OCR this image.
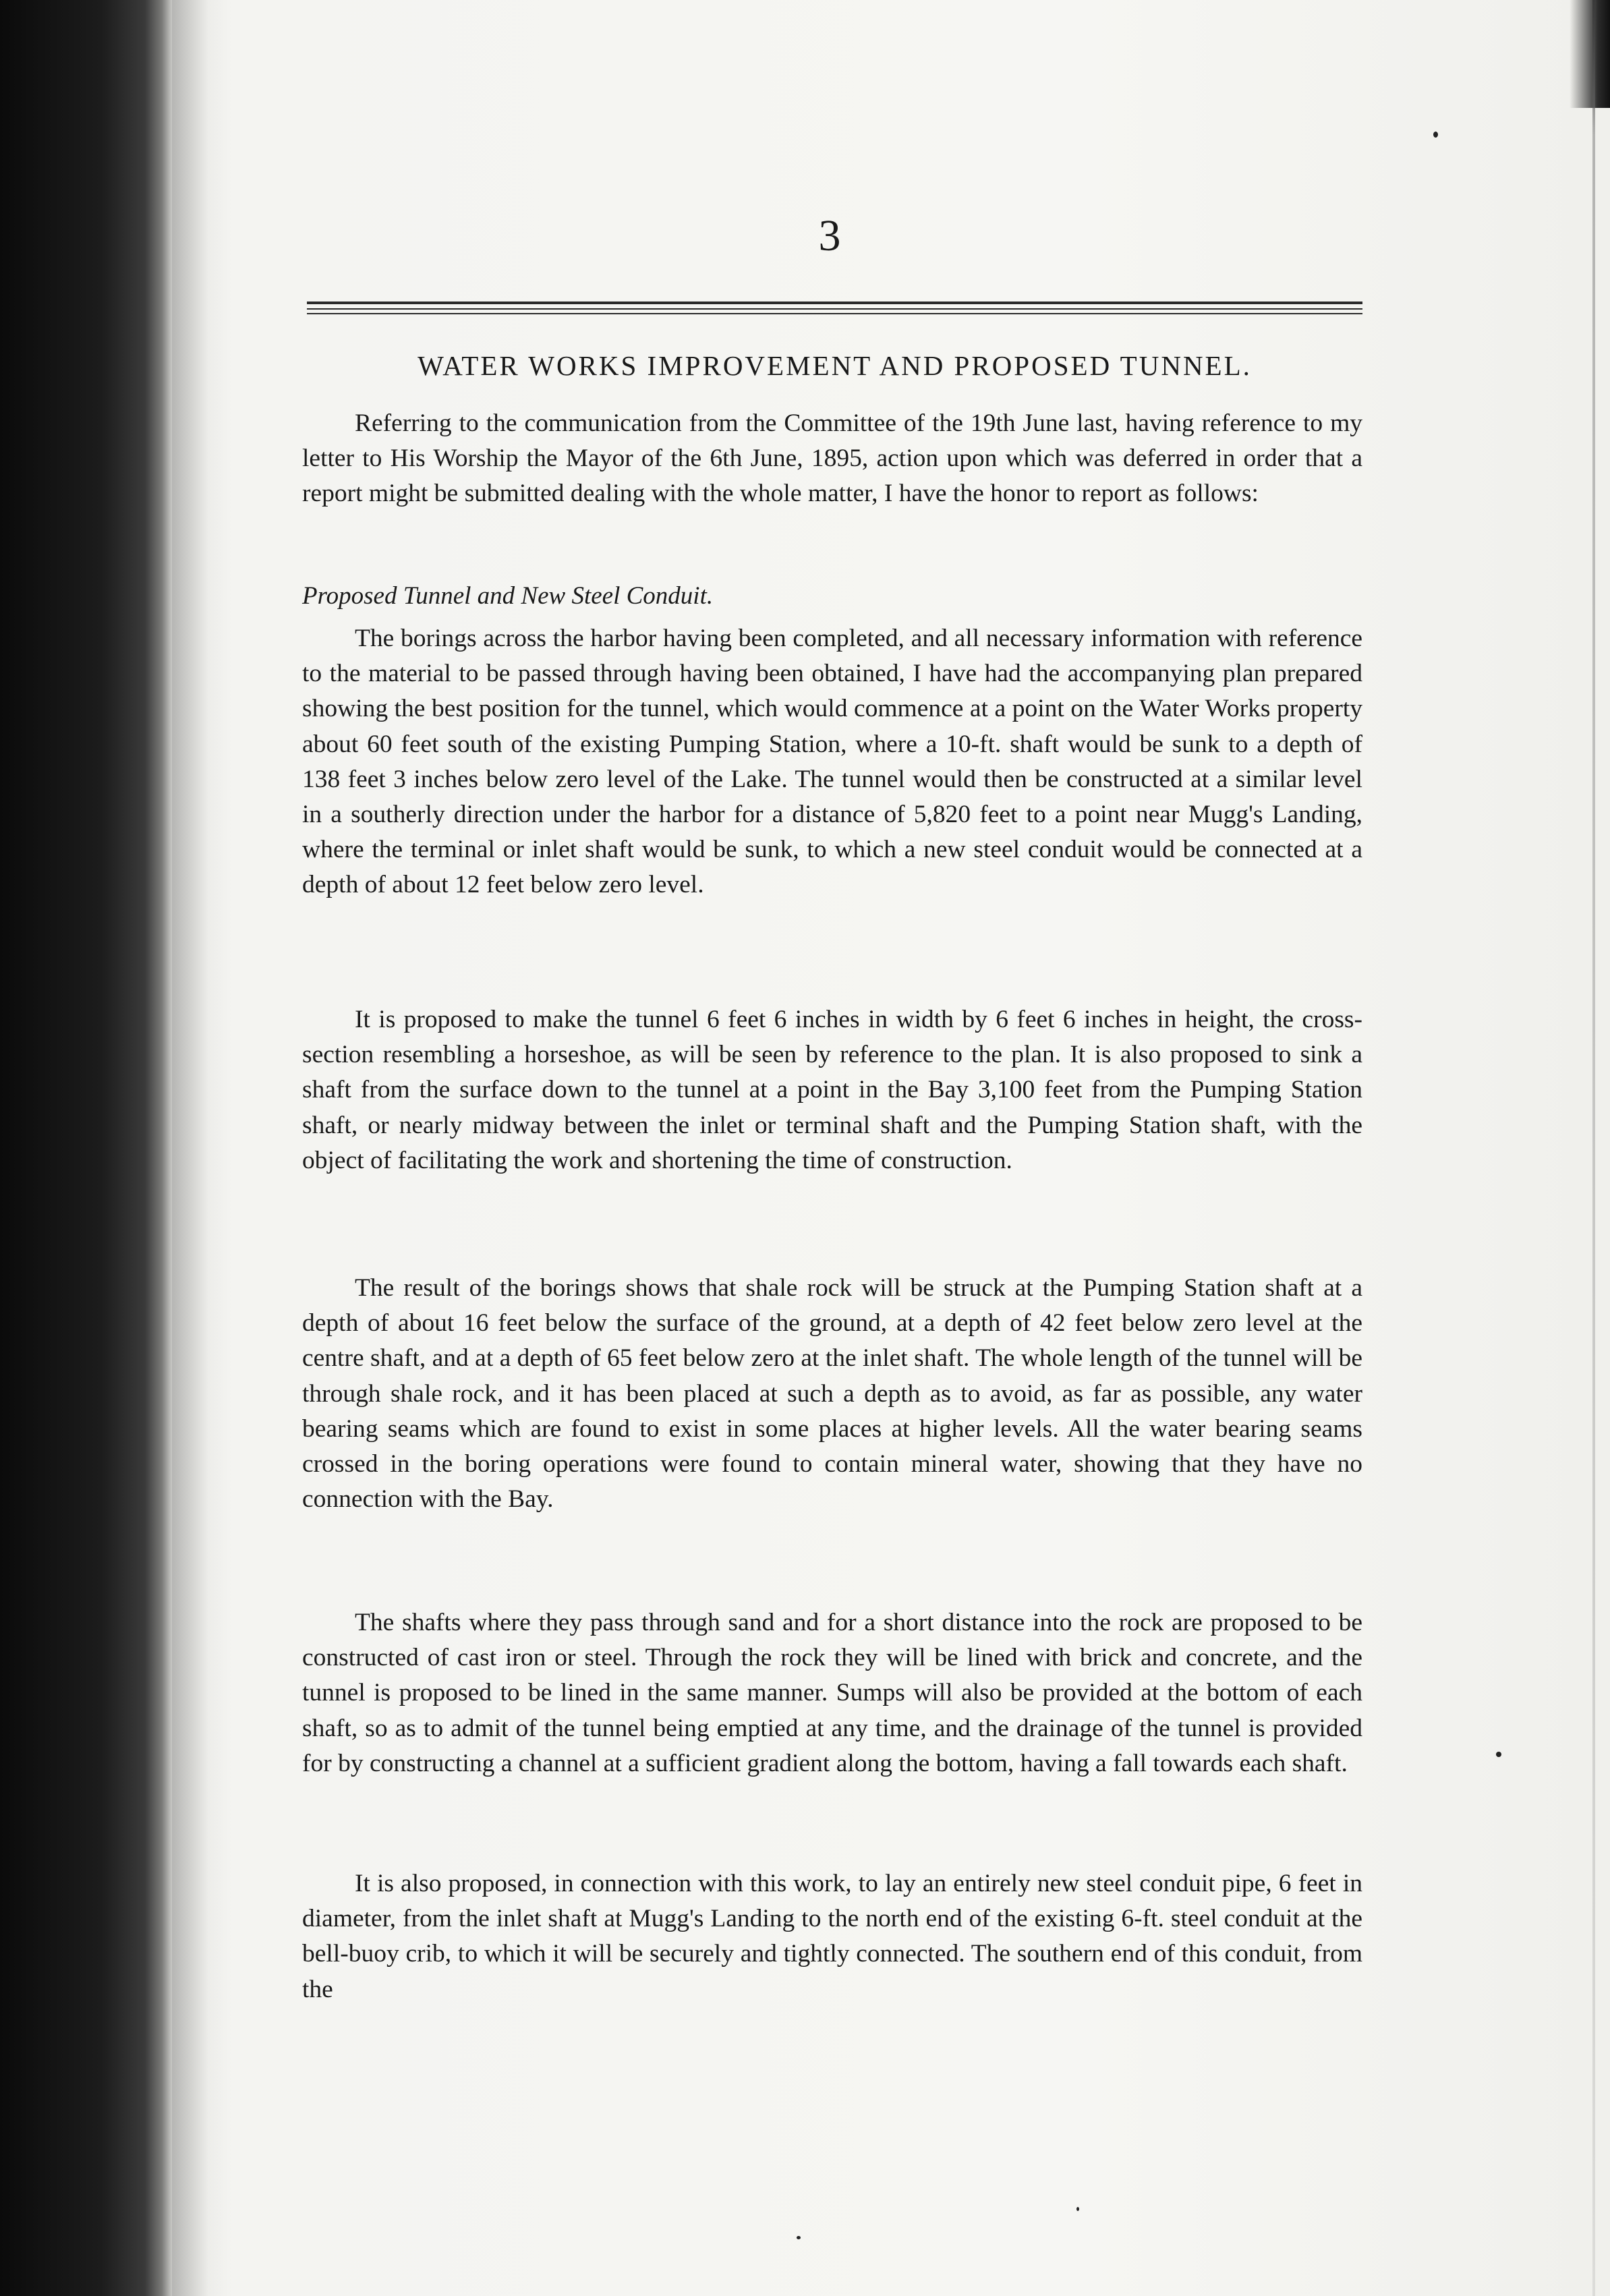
3
WATER WORKS IMPROVEMENT AND PROPOSED TUNNEL.

Referring to the communication from the Committee of the 19th June last, having reference to my letter to His Worship the Mayor of the 6th June, 1895, action upon which was deferred in order that a report might be submitted dealing with the whole matter, I have the honor to report as follows:

Proposed Tunnel and New Steel Conduit.

The borings across the harbor having been completed, and all necessary information with reference to the material to be passed through having been obtained, I have had the accompanying plan prepared showing the best position for the tunnel, which would commence at a point on the Water Works property about 60 feet south of the existing Pumping Station, where a 10-ft. shaft would be sunk to a depth of 138 feet 3 inches below zero level of the Lake. The tunnel would then be constructed at a similar level in a southerly direction under the harbor for a distance of 5,820 feet to a point near Mugg's Landing, where the terminal or inlet shaft would be sunk, to which a new steel conduit would be connected at a depth of about 12 feet below zero level.

It is proposed to make the tunnel 6 feet 6 inches in width by 6 feet 6 inches in height, the cross-section resembling a horseshoe, as will be seen by reference to the plan. It is also proposed to sink a shaft from the surface down to the tunnel at a point in the Bay 3,100 feet from the Pumping Station shaft, or nearly midway between the inlet or terminal shaft and the Pumping Station shaft, with the object of facilitating the work and shortening the time of construction.

The result of the borings shows that shale rock will be struck at the Pumping Station shaft at a depth of about 16 feet below the surface of the ground, at a depth of 42 feet below zero level at the centre shaft, and at a depth of 65 feet below zero at the inlet shaft. The whole length of the tunnel will be through shale rock, and it has been placed at such a depth as to avoid, as far as possible, any water bearing seams which are found to exist in some places at higher levels. All the water bearing seams crossed in the boring operations were found to contain mineral water, showing that they have no connection with the Bay.

The shafts where they pass through sand and for a short distance into the rock are proposed to be constructed of cast iron or steel. Through the rock they will be lined with brick and concrete, and the tunnel is proposed to be lined in the same manner. Sumps will also be provided at the bottom of each shaft, so as to admit of the tunnel being emptied at any time, and the drainage of the tunnel is provided for by constructing a channel at a sufficient gradient along the bottom, having a fall towards each shaft.

It is also proposed, in connection with this work, to lay an entirely new steel conduit pipe, 6 feet in diameter, from the inlet shaft at Mugg's Landing to the north end of the existing 6-ft. steel conduit at the bell-buoy crib, to which it will be securely and tightly connected. The southern end of this conduit, from the
